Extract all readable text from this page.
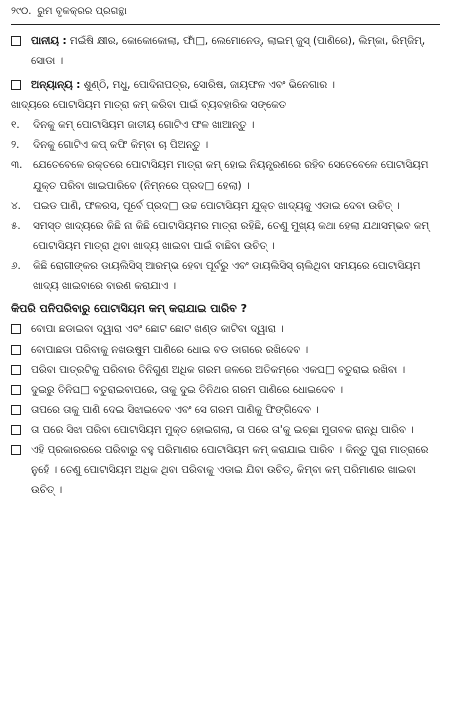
୨୯୦. ରୁମ ବୃକକ୍ରର ପ୍ରଗନ୍ଥା
ପାନୀୟ : ମଇଁଷି କ୍ଷୀର, କୋକୋକୋଲା, ଫାଁ□, ଲେମୋନେଡ୍, ଲାଇମ୍ ଜୁସ୍ (ପାଣିରେ), ଲିମ୍କା, ରିମ୍‌ଜିମ୍, ସୋଡା ।
ଅନ୍ୟାନ୍ୟ : ଶୁଣ୍ଠି, ମଧୁ, ପୋଦିନାପତ୍ର, ସୋରିଷ, ଜାୟଫଳ ଏବଂ ଭିନେଗାର ।
ଖାଦ୍ୟରେ ପୋଟାସିୟମ ମାତ୍ରା କମ୍ କରିବା ପାଇଁ ବ୍ୟବହାରିକ ସଙ୍କେତ
୧.	ଦିନକୁ କମ୍ ପୋଟାସିୟମ ଜାତୀୟ ଗୋଟିଏ ଫଳ ଖାଆନ୍ତୁ ।
୨.	ଦିନକୁ ଗୋଟିଏ କପ୍ କଫି କିମ୍ବା ଚା ପିଅନ୍ତୁ ।
୩.	ଯେତେବେଳେ ରକ୍ତରେ ପୋଟାସିୟମ ମାତ୍ରା କମ୍ ହୋଇ ନିୟନ୍ତ୍ରଣରେ ରହିବ ସେତେବେଳେ ପୋଟାସିୟମ ଯୁକ୍ତ ପରିବା ଖାଇପାରିବେ (ନିମ୍ନରେ ପ୍ରଦ□ ହେଲା) ।
୪.	ପଇଡ ପାଣି, ଫଳରସ, ପୂର୍ବେ ପ୍ରଦ□ ଉଚ୍ଚ ପୋଟାସିୟମ ଯୁକ୍ତ ଖାଦ୍ୟକୁ ଏଡାଇ ଦେବା ଉଚିତ୍ ।
୫.	ସମସ୍ତ ଖାଦ୍ୟରେ କିଛି ନା କିଛି ପୋଟାସିୟମର ମାତ୍ରା ରହିଛି, ତେଣୁ ମୁଖ୍ୟ କଥା ହେଲା ଯଥାସମ୍ଭବ କମ୍ ପୋଟାସିୟମ ମାତ୍ରା ଥିବା ଖାଦ୍ୟ ଖାଇବା ପାଇଁ ବାଛିବା ଉଚିତ୍ ।
୬.	କିଛି ରୋଗୀଙ୍କର ଡାୟଲିସିସ୍ ଆରମ୍ଭ ହେବା ପୂର୍ବରୁ ଏବଂ ଡାୟଲିସିସ୍ ଚାଲିଥିବା ସମୟରେ ପୋଟାସିୟମ ଖାଦ୍ୟ ଖାଇବାରେ ବାରଣ କରାଯାଏ ।
କିପରି ପନିପରିବାରୁ ପୋଟାସିୟମ କମ୍ କରାଯାଇ ପାରିବ ?
ବୋପା ଛଡାଇବା ଦ୍ୱାରା ଏବଂ ଛୋଟ ଛୋଟ ଖଣ୍ଡ କାଟିବା ଦ୍ୱାରା ।
ବୋପାଛଡା ପରିବାକୁ ନଖଉଷୁମ ପାଣିରେ ଧୋଇ ବଡ ଡାଗରେ ରଖିଦେବ ।
ପରିବା ପାତ୍ରଟିକୁ ପରିବାର ତିନିଗୁଣ ଅଧିକ ଗରମ ଜଳରେ ଅତିକମ୍‌ରେ ଏକଘ□ ବତୁରାଇ ରଖିବା ।
ଦୁଇରୁ ତିନିଘ□ ବତୁରାଇବାପରେ, ତାକୁ ଦୁଇ ତିନିଥର ଗରମ ପାଣିରେ ଧୋଇଦେବ ।
ତାପରେ ତାକୁ ପାଣି ଦେଇ ସିଝାଇଦେବ ଏବଂ ସେ ଗରମ ପାଣିକୁ ଫିଙ୍ଗିଦେବ ।
ତା ପରେ ସିଝା ପରିବା ପୋଟାସିୟମ ମୁକ୍ତ ହୋଇଗଲା, ତା ପରେ ତା'କୁ ଇଚ୍ଛା ମୁତାବକ ରାନ୍ଧି ପାରିବ ।
ଏହି ପ୍ରକାରରରେ ପରିବାରୁ ବହୁ ପରିମାଣର ପୋଟାସିୟମ କମ୍ କରାଯାଇ ପାରିବ । କିନ୍ତୁ ପୁରା ମାତ୍ରାରେ ନୁହେଁ । ତେଣୁ ପୋଟାସିୟମ ଅଧିକ ଥିବା ପରିବାକୁ ଏଡାଇ ଯିବା ଉଚିତ୍, କିମ୍ବା କମ୍ ପରିମାଣର ଖାଇବା ଉଚିତ୍ ।
